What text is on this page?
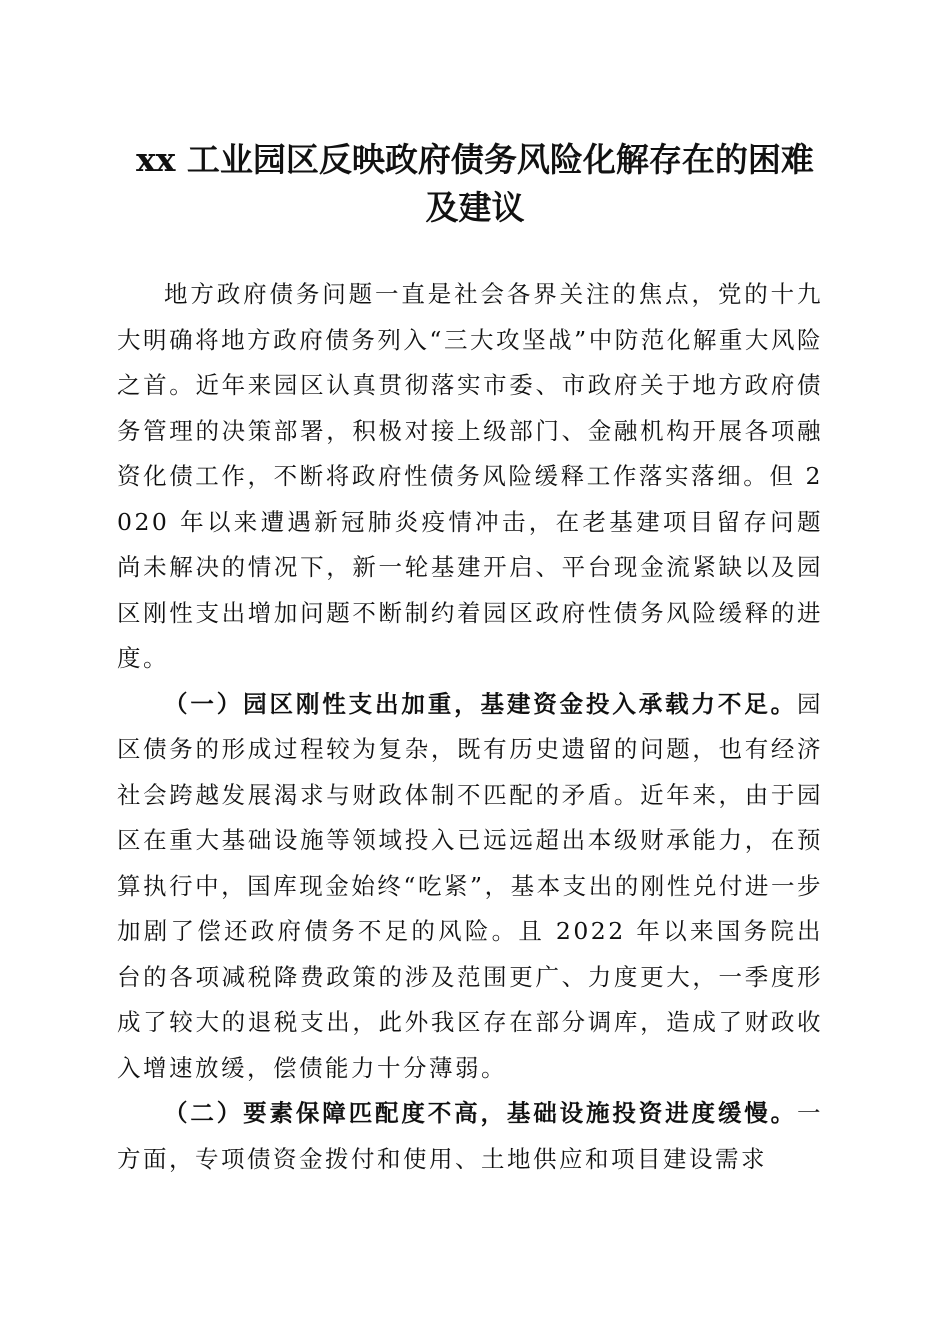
xx 工业园区反映政府债务风险化解存在的困难及建议

地方政府债务问题一直是社会各界关注的焦点，党的十九大明确将地方政府债务列入“三大攻坚战”中防范化解重大风险之首。近年来园区认真贯彻落实市委、市政府关于地方政府债务管理的决策部署，积极对接上级部门、金融机构开展各项融资化债工作，不断将政府性债务风险缓释工作落实落细。但 2020 年以来遭遇新冠肺炎疫情冲击，在老基建项目留存问题尚未解决的情况下，新一轮基建开启、平台现金流紧缺以及园区刚性支出增加问题不断制约着园区政府性债务风险缓释的进度。

（一）园区刚性支出加重，基建资金投入承载力不足。园区债务的形成过程较为复杂，既有历史遗留的问题，也有经济社会跨越发展渴求与财政体制不匹配的矛盾。近年来，由于园区在重大基础设施等领域投入已远远超出本级财承能力，在预算执行中，国库现金始终“吃紧”，基本支出的刚性兑付进一步加剧了偿还政府债务不足的风险。且 2022 年以来国务院出台的各项减税降费政策的涉及范围更广、力度更大，一季度形成了较大的退税支出，此外我区存在部分调库，造成了财政收入增速放缓，偿债能力十分薄弱。

（二）要素保障匹配度不高，基础设施投资进度缓慢。一方面，专项债资金拨付和使用、土地供应和项目建设需求
